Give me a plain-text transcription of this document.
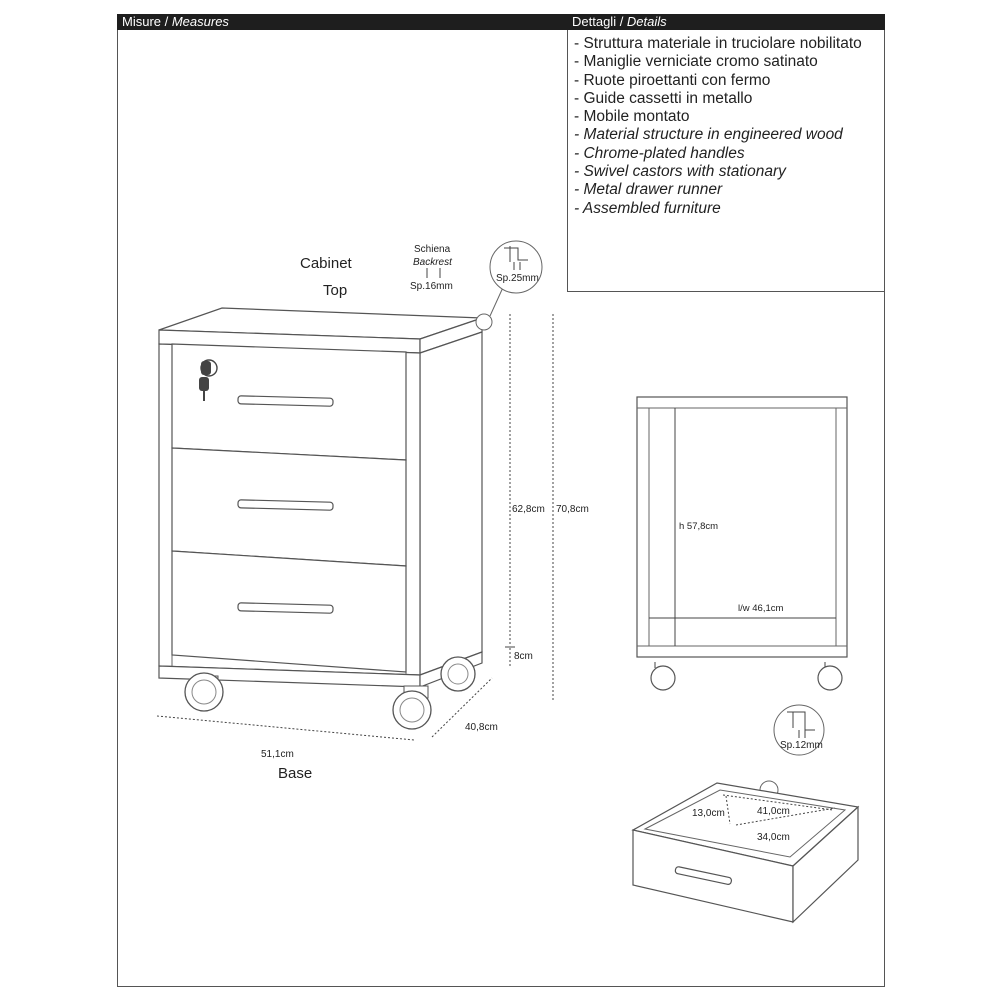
Misure / Measures	Dettagli / Details
- Struttura materiale in truciolare nobilitato
- Maniglie verniciate cromo satinato
- Ruote piroettanti con fermo
- Guide cassetti in metallo
- Mobile montato
- Material structure in engineered wood
- Chrome-plated handles
- Swivel castors with stationary
- Metal drawer runner
- Assembled furniture
62,8cm 70,8cm
8cm
51,1cm
40,8cm
Cabinet
Top
Base
Schiena
Backrest
Sp.16mm
Sp.25mm
h 57,8cm
l/w 46,1cm
Sp.12mm
13,0cm	41,0cm
34,0cm
